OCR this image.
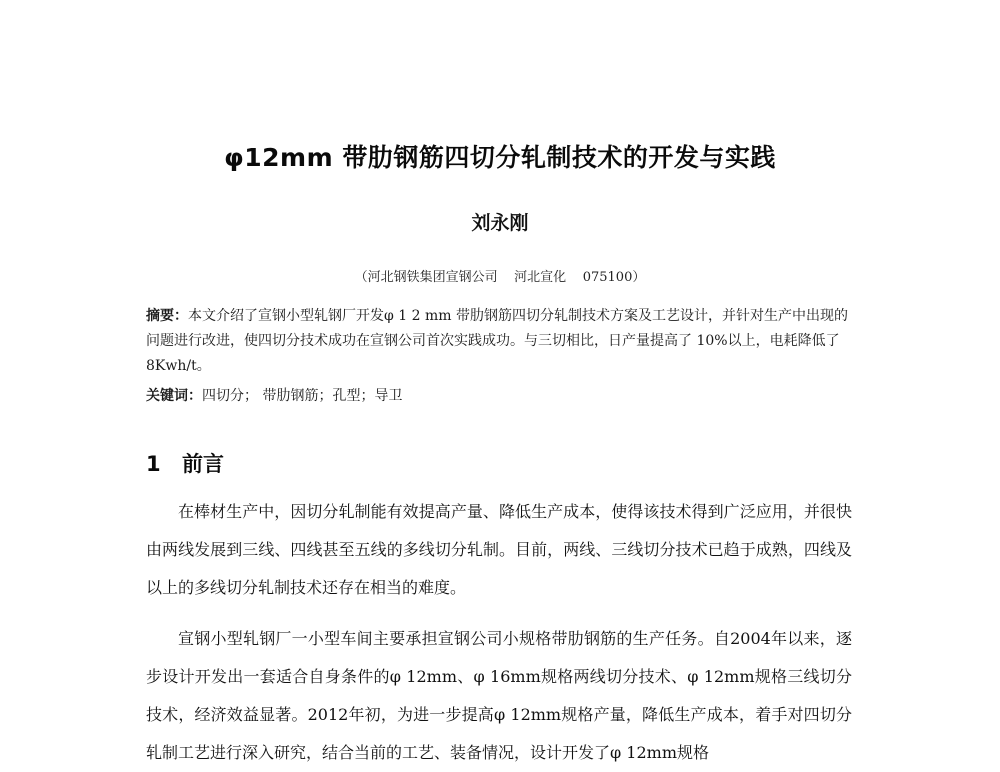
φ12mm 带肋钢筋四切分轧制技术的开发与实践
刘永刚
（河北钢铁集团宣钢公司    河北宣化    075100）
摘要：本文介绍了宣钢小型轧钢厂开发φ 1 2 mm 带肋钢筋四切分轧制技术方案及工艺设计，并针对生产中出现的问题进行改进，使四切分技术成功在宣钢公司首次实践成功。与三切相比，日产量提高了 10%以上，电耗降低了 8Kwh/t。
关键词：四切分； 带肋钢筋；孔型；导卫
1 前言

在棒材生产中，因切分轧制能有效提高产量、降低生产成本，使得该技术得到广泛应用，并很快由两线发展到三线、四线甚至五线的多线切分轧制。目前，两线、三线切分技术已趋于成熟，四线及以上的多线切分轧制技术还存在相当的难度。

宣钢小型轧钢厂一小型车间主要承担宣钢公司小规格带肋钢筋的生产任务。自2004年以来，逐步设计开发出一套适合自身条件的φ 12mm、φ 16mm规格两线切分技术、φ 12mm规格三线切分技术，经济效益显著。2012年初，为进一步提高φ 12mm规格产量，降低生产成本，着手对四切分轧制工艺进行深入研究，结合当前的工艺、装备情况，设计开发了φ 12mm规格
